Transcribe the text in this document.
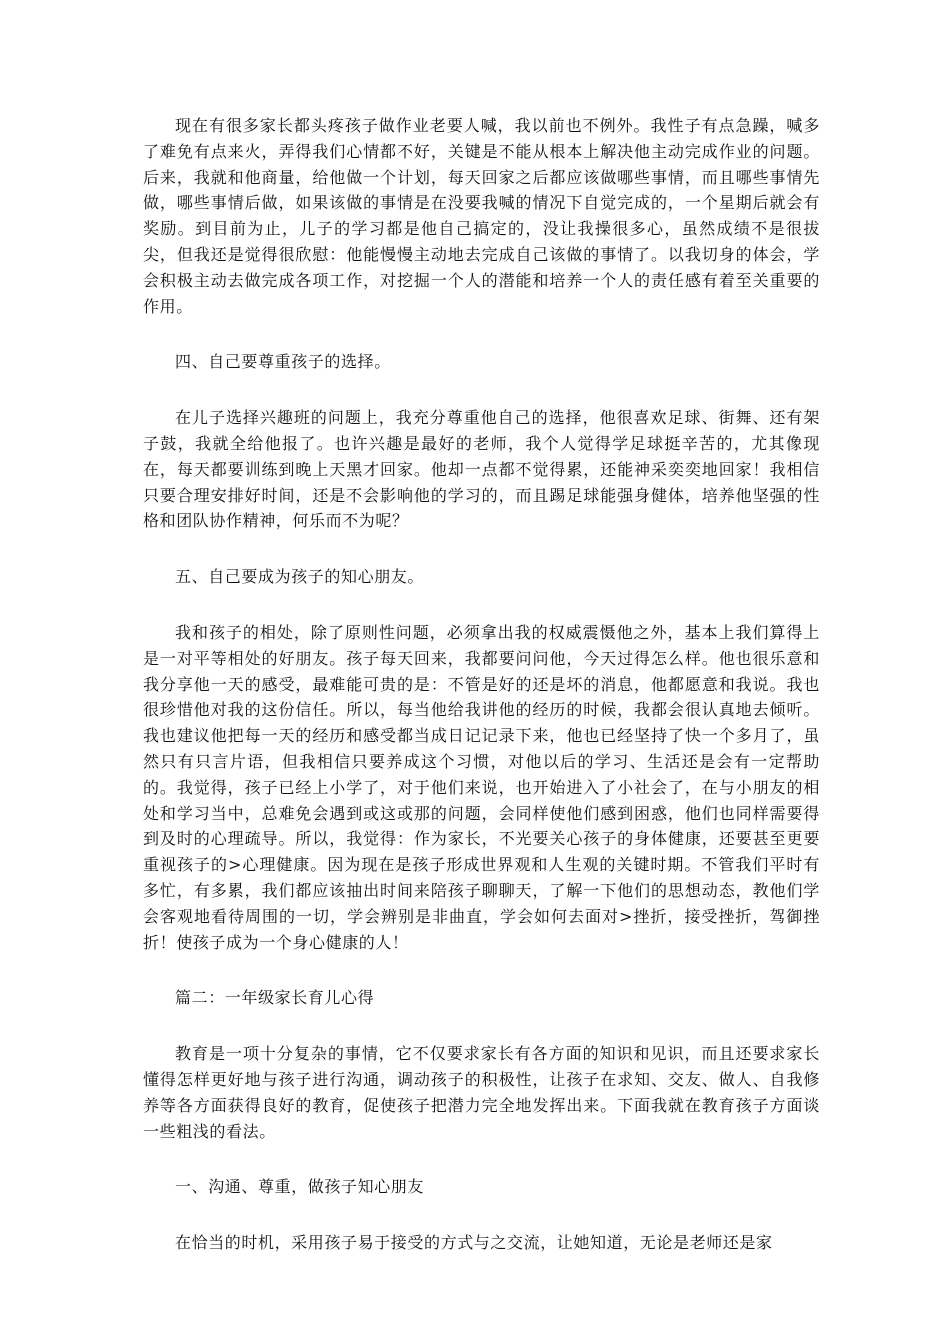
现在有很多家长都头疼孩子做作业老要人喊，我以前也不例外。我性子有点急躁，喊多了难免有点来火，弄得我们心情都不好，关键是不能从根本上解决他主动完成作业的问题。后来，我就和他商量，给他做一个计划，每天回家之后都应该做哪些事情，而且哪些事情先做，哪些事情后做，如果该做的事情是在没要我喊的情况下自觉完成的，一个星期后就会有奖励。到目前为止，儿子的学习都是他自己搞定的，没让我操很多心，虽然成绩不是很拔尖，但我还是觉得很欣慰：他能慢慢主动地去完成自己该做的事情了。以我切身的体会，学会积极主动去做完成各项工作，对挖掘一个人的潜能和培养一个人的责任感有着至关重要的作用。

四、自己要尊重孩子的选择。

在儿子选择兴趣班的问题上，我充分尊重他自己的选择，他很喜欢足球、街舞、还有架子鼓，我就全给他报了。也许兴趣是最好的老师，我个人觉得学足球挺辛苦的，尤其像现在，每天都要训练到晚上天黑才回家。他却一点都不觉得累，还能神采奕奕地回家！我相信只要合理安排好时间，还是不会影响他的学习的，而且踢足球能强身健体，培养他坚强的性格和团队协作精神，何乐而不为呢？

五、自己要成为孩子的知心朋友。

我和孩子的相处，除了原则性问题，必须拿出我的权威震慑他之外，基本上我们算得上是一对平等相处的好朋友。孩子每天回来，我都要问问他，今天过得怎么样。他也很乐意和我分享他一天的感受，最难能可贵的是：不管是好的还是坏的消息，他都愿意和我说。我也很珍惜他对我的这份信任。所以，每当他给我讲他的经历的时候，我都会很认真地去倾听。我也建议他把每一天的经历和感受都当成日记记录下来，他也已经坚持了快一个多月了，虽然只有只言片语，但我相信只要养成这个习惯，对他以后的学习、生活还是会有一定帮助的。我觉得，孩子已经上小学了，对于他们来说，也开始进入了小社会了，在与小朋友的相处和学习当中，总难免会遇到或这或那的问题，会同样使他们感到困惑，他们也同样需要得到及时的心理疏导。所以，我觉得：作为家长，不光要关心孩子的身体健康，还要甚至更要重视孩子的>心理健康。因为现在是孩子形成世界观和人生观的关键时期。不管我们平时有多忙，有多累，我们都应该抽出时间来陪孩子聊聊天，了解一下他们的思想动态，教他们学会客观地看待周围的一切，学会辨别是非曲直，学会如何去面对>挫折，接受挫折，驾御挫折！使孩子成为一个身心健康的人！

篇二：一年级家长育儿心得

教育是一项十分复杂的事情，它不仅要求家长有各方面的知识和见识，而且还要求家长懂得怎样更好地与孩子进行沟通，调动孩子的积极性，让孩子在求知、交友、做人、自我修养等各方面获得良好的教育，促使孩子把潜力完全地发挥出来。下面我就在教育孩子方面谈一些粗浅的看法。

一、沟通、尊重，做孩子知心朋友

在恰当的时机，采用孩子易于接受的方式与之交流，让她知道，无论是老师还是家
